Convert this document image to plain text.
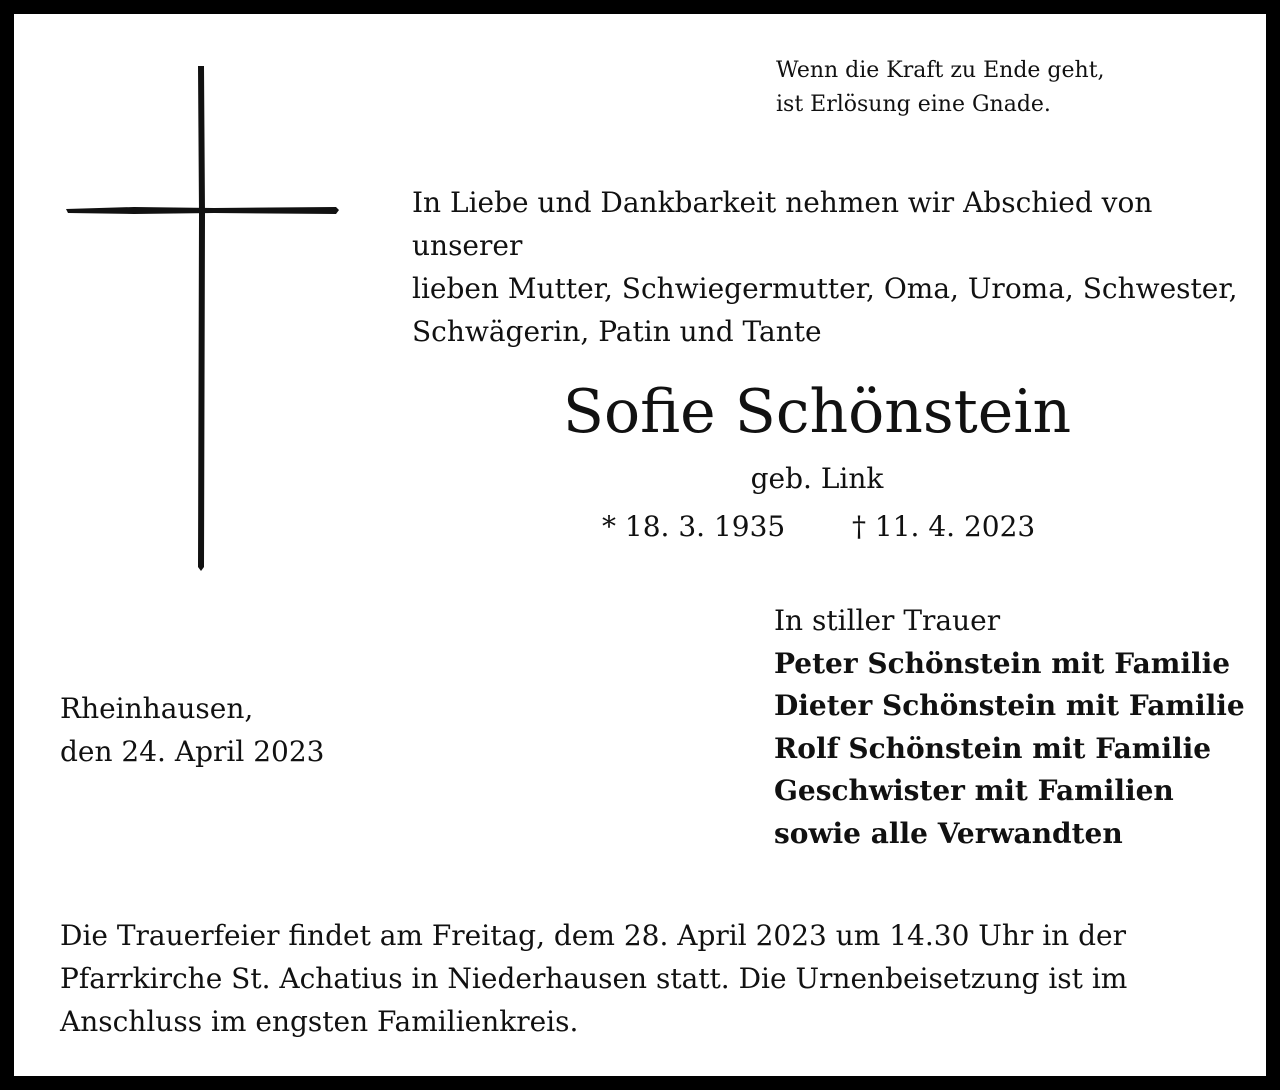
Wenn die Kraft zu Ende geht,
ist Erlösung eine Gnade.

In Liebe und Dankbarkeit nehmen wir Abschied von unserer
lieben Mutter, Schwiegermutter, Oma, Uroma, Schwester,
Schwägerin, Patin und Tante

Sofie Schönstein
geb. Link
* 18. 3. 1935 † 11. 4. 2023

Rheinhausen,
den 24. April 2023

In stiller Trauer
Peter Schönstein mit Familie
Dieter Schönstein mit Familie
Rolf Schönstein mit Familie
Geschwister mit Familien
sowie alle Verwandten

Die Trauerfeier findet am Freitag, dem 28. April 2023 um 14.30 Uhr in der Pfarrkirche St. Achatius in Niederhausen statt. Die Urnenbeisetzung ist im Anschluss im engsten Familienkreis.
